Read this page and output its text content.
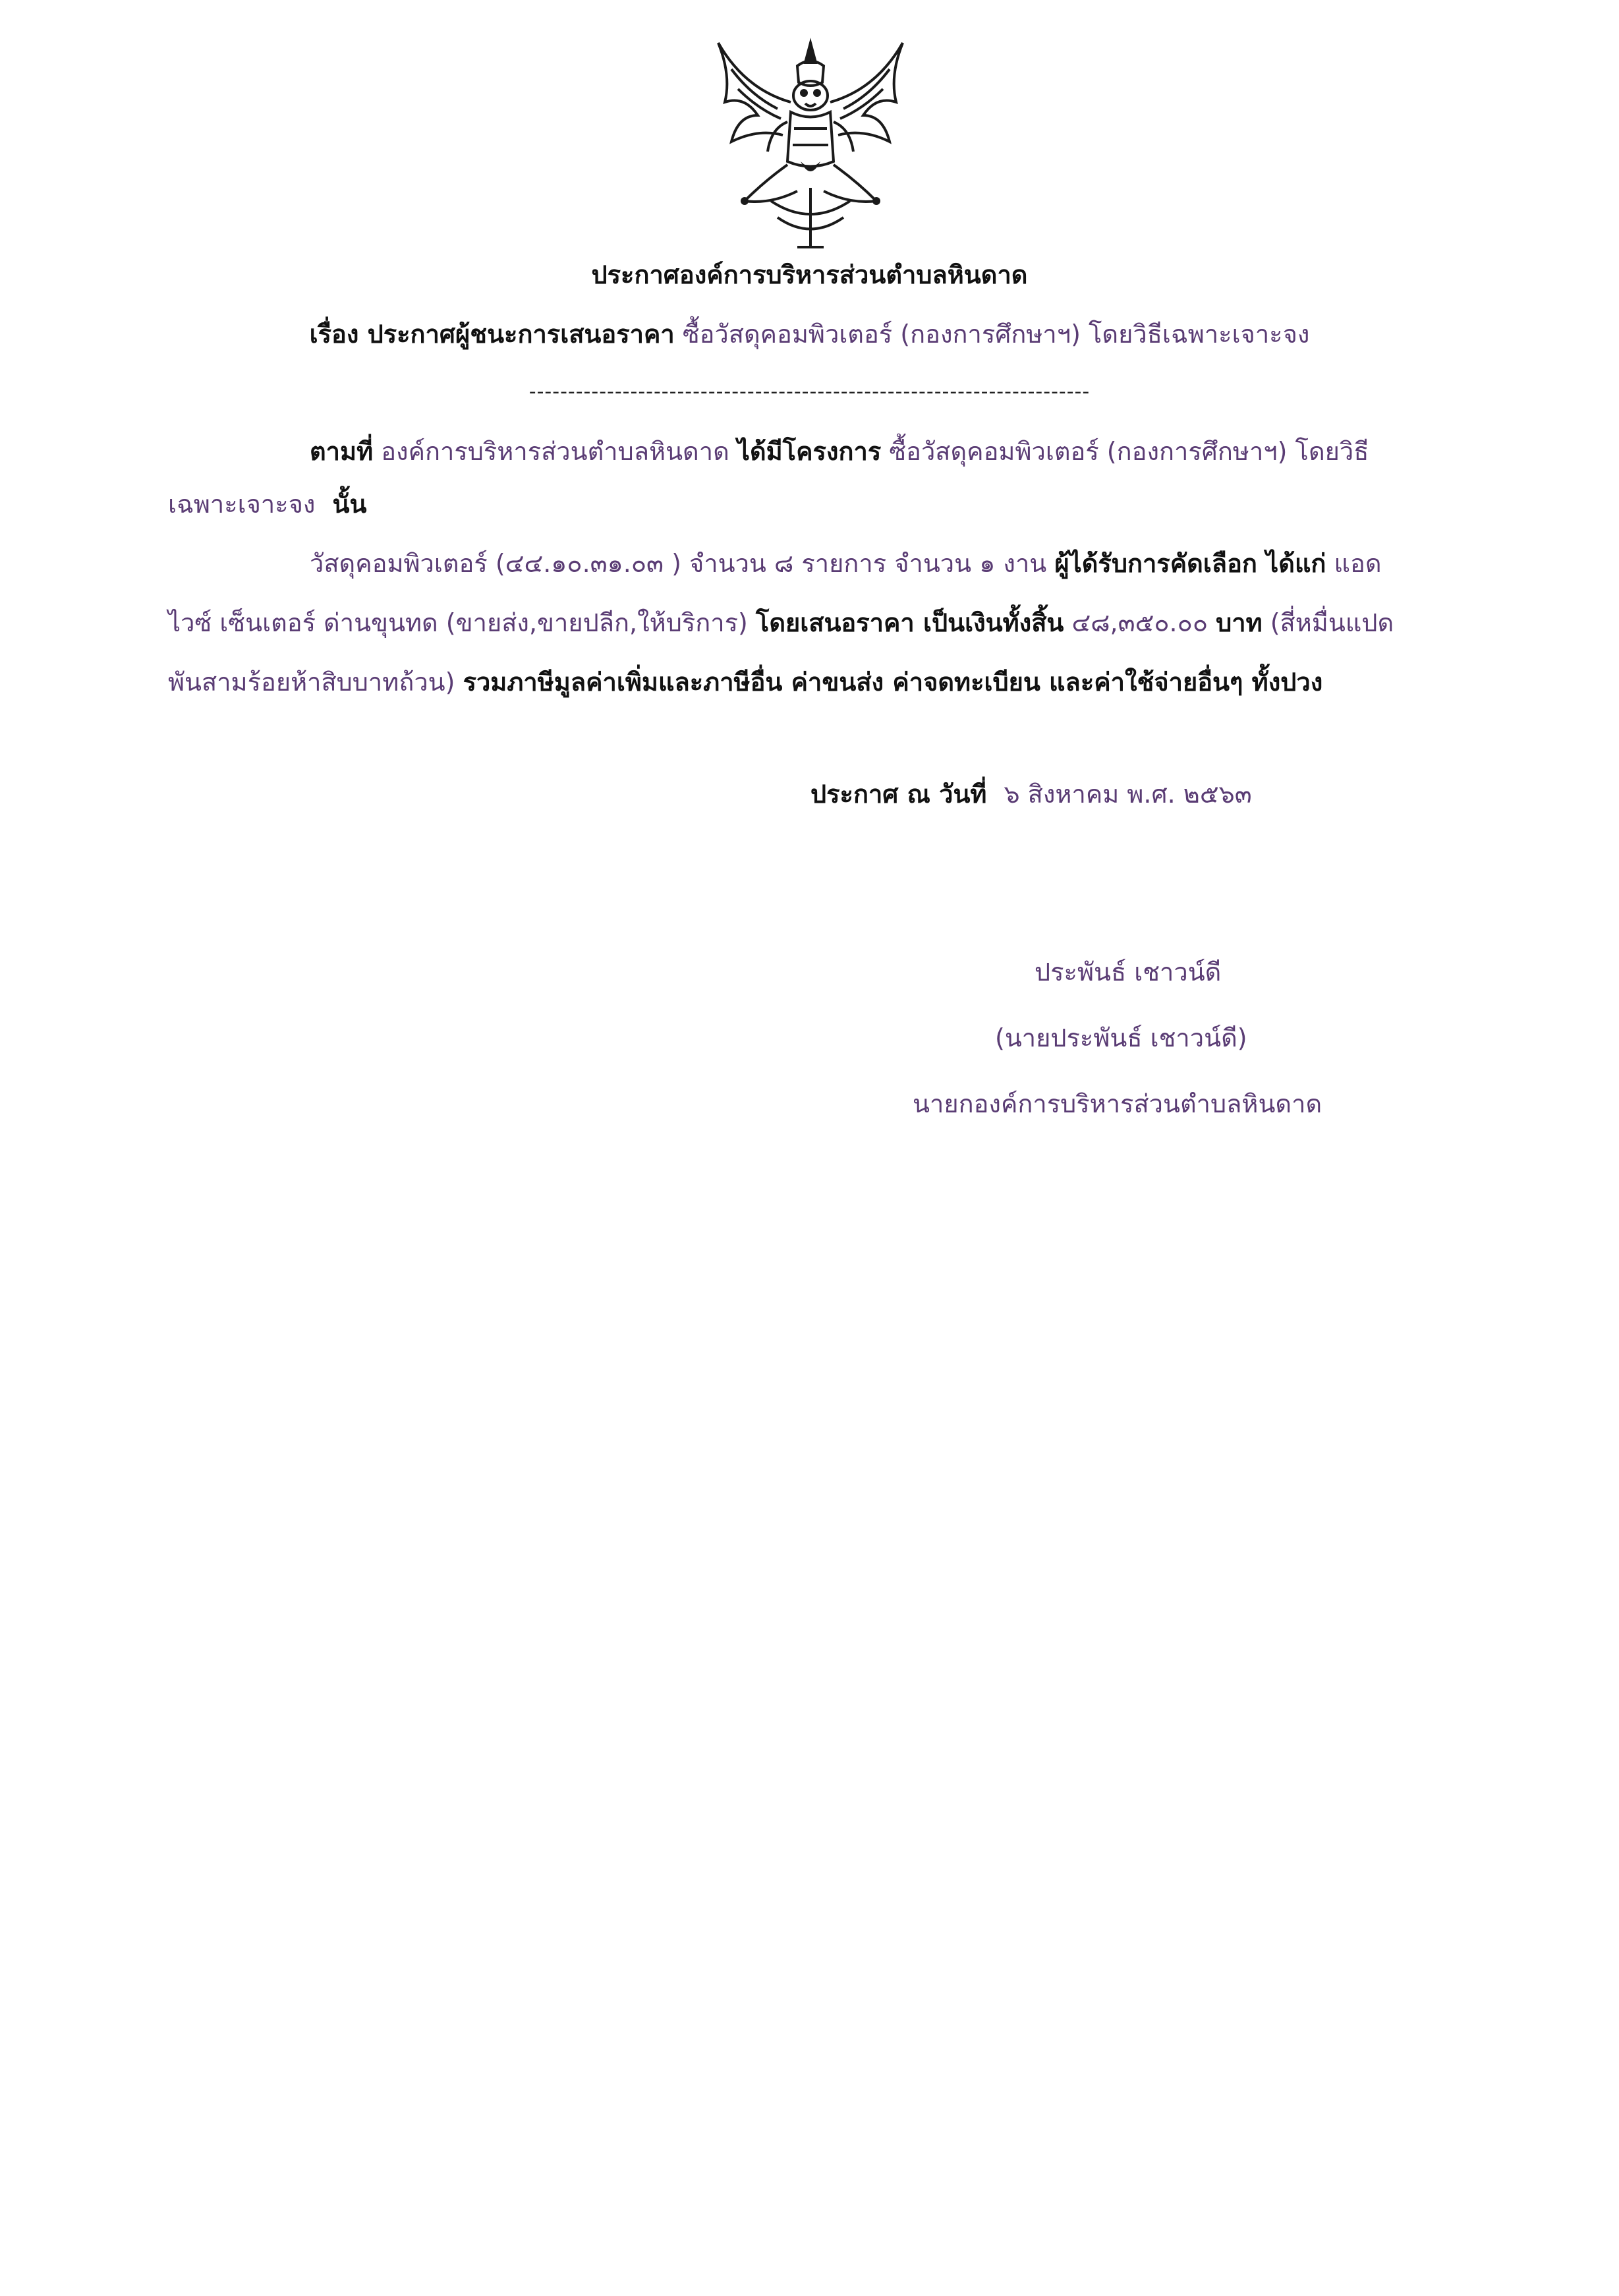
ประกาศองค์การบริหารส่วนตำบลหินดาด
เรื่อง ประกาศผู้ชนะการเสนอราคา ซื้อวัสดุคอมพิวเตอร์ (กองการศึกษาฯ) โดยวิธีเฉพาะเจาะจง
------------------------------------------------------------------------
ตามที่ องค์การบริหารส่วนตำบลหินดาด ได้มีโครงการ ซื้อวัสดุคอมพิวเตอร์ (กองการศึกษาฯ) โดยวิธี
เฉพาะเจาะจง นั้น
วัสดุคอมพิวเตอร์ (๔๔.๑๐.๓๑.๐๓ ) จำนวน ๘ รายการ จำนวน ๑ งาน ผู้ได้รับการคัดเลือก ได้แก่ แอด
ไวซ์ เซ็นเตอร์ ด่านขุนทด (ขายส่ง,ขายปลีก,ให้บริการ) โดยเสนอราคา เป็นเงินทั้งสิ้น ๔๘,๓๕๐.๐๐ บาท (สี่หมื่นแปด
พันสามร้อยห้าสิบบาทถ้วน) รวมภาษีมูลค่าเพิ่มและภาษีอื่น ค่าขนส่ง ค่าจดทะเบียน และค่าใช้จ่ายอื่นๆ ทั้งปวง
ประกาศ ณ วันที่ ๖ สิงหาคม พ.ศ. ๒๕๖๓
ประพันธ์ เชาวน์ดี
(นายประพันธ์ เชาวน์ดี)
นายกองค์การบริหารส่วนตำบลหินดาด
